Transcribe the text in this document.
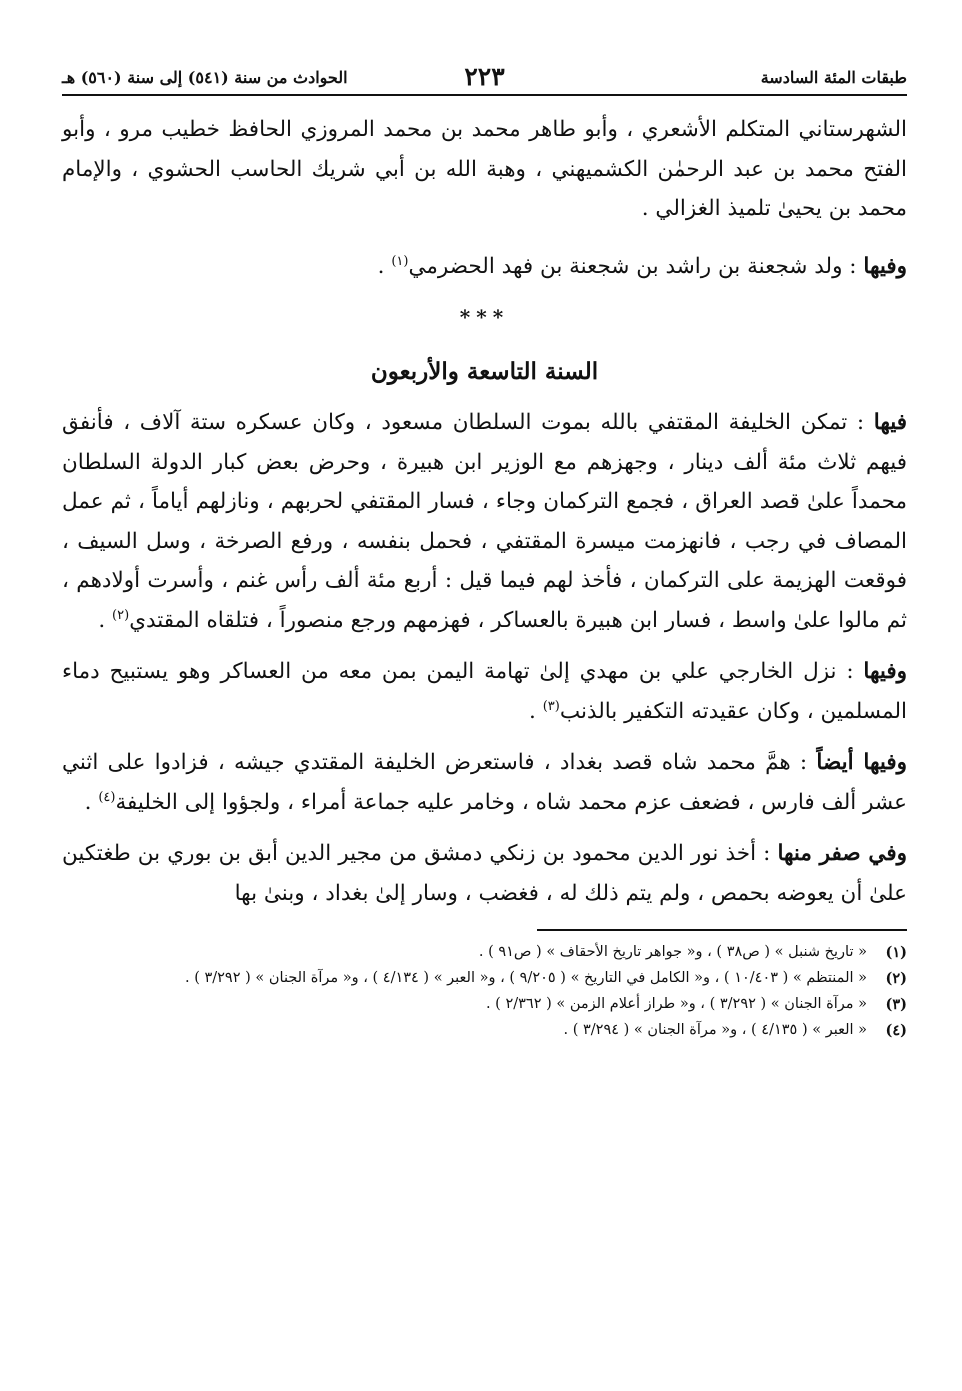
طبقات المئة السادسة
٢٢٣
الحوادث من سنة (٥٤١) إلى سنة (٥٦٠) هـ

الشهرستاني المتكلم الأشعري ، وأبو طاهر محمد بن محمد المروزي الحافظ خطيب مرو ، وأبو الفتح محمد بن عبد الرحمٰن الكشميهني ، وهبة الله بن أبي شريك الحاسب الحشوي ، والإمام محمد بن يحيىٰ تلميذ الغزالي .

وفيها : ولد شجعنة بن راشد بن شجعنة بن فهد الحضرمي$^{(١)}$ .

***
السنة التاسعة والأربعون

فيها : تمكن الخليفة المقتفي بالله بموت السلطان مسعود ، وكان عسكره ستة آلاف ، فأنفق فيهم ثلاث مئة ألف دينار ، وجهزهم مع الوزير ابن هبيرة ، وحرض بعض كبار الدولة السلطان محمداً علىٰ قصد العراق ، فجمع التركمان وجاء ، فسار المقتفي لحربهم ، ونازلهم أياماً ، ثم عمل المصاف في رجب ، فانهزمت ميسرة المقتفي ، فحمل بنفسه ، ورفع الصرخة ، وسل السيف ، فوقعت الهزيمة على التركمان ، فأخذ لهم فيما قيل : أربع مئة ألف رأس غنم ، وأسرت أولادهم ، ثم مالوا علىٰ واسط ، فسار ابن هبيرة بالعساكر ، فهزمهم ورجع منصوراً ، فتلقاه المقتدي$^{(٢)}$ .

وفيها : نزل الخارجي علي بن مهدي إلىٰ تهامة اليمن بمن معه من العساكر وهو يستبيح دماء المسلمين ، وكان عقيدته التكفير بالذنب$^{(٣)}$ .

وفيها أيضاً : همَّ محمد شاه قصد بغداد ، فاستعرض الخليفة المقتدي جيشه ، فزادوا على اثني عشر ألف فارس ، فضعف عزم محمد شاه ، وخامر عليه جماعة أمراء ، ولجؤوا إلى الخليفة$^{(٤)}$ .

وفي صفر منها : أخذ نور الدين محمود بن زنكي دمشق من مجير الدين أبق بن بوري بن طغتكين علىٰ أن يعوضه بحمص ، ولم يتم ذلك له ، فغضب ، وسار إلىٰ بغداد ، وبنىٰ بها

(١)
« تاريخ شنبل » ( ص٣٨ ) ، و« جواهر تاريخ الأحقاف » ( ص٩١ ) .
(٢)
« المنتظم » ( ١٠/٤٠٣ ) ، و« الكامل في التاريخ » ( ٩/٢٠٥ ) ، و« العبر » ( ٤/١٣٤ ) ، و« مرآة الجنان » ( ٣/٢٩٢ ) .
(٣)
« مرآة الجنان » ( ٣/٢٩٢ ) ، و« طراز أعلام الزمن » ( ٢/٣٦٢ ) .
(٤)
« العبر » ( ٤/١٣٥ ) ، و« مرآة الجنان » ( ٣/٢٩٤ ) .
